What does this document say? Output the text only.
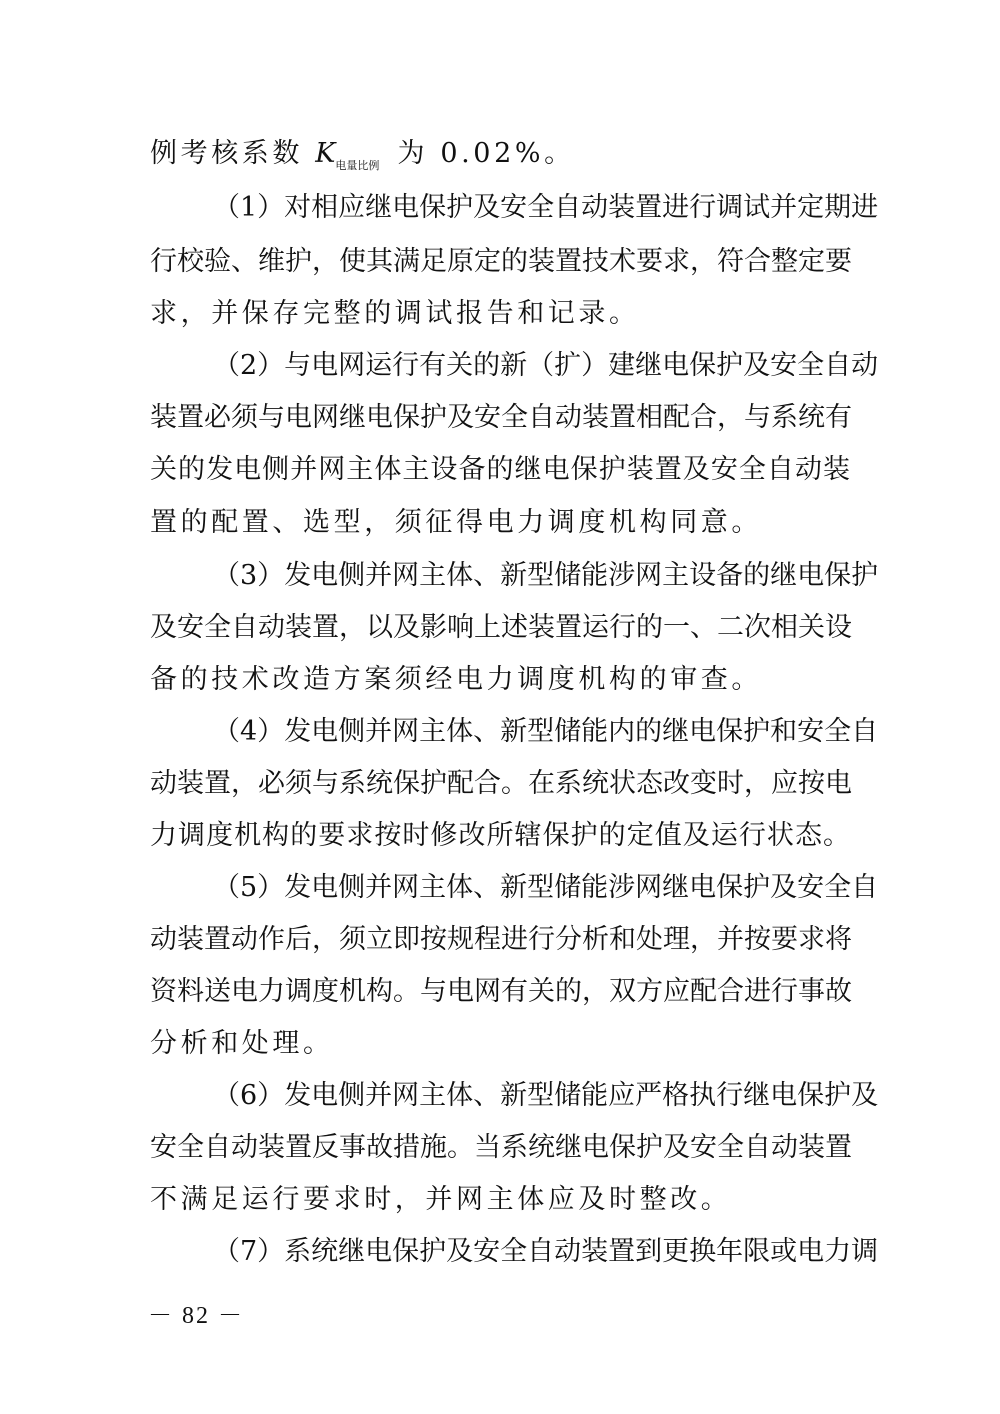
例考核系数 $K_{电量比例}$ 为 0.02%。
（1）对相应继电保护及安全自动装置进行调试并定期进
行校验、维护，使其满足原定的装置技术要求，符合整定要
求，并保存完整的调试报告和记录。
（2）与电网运行有关的新（扩）建继电保护及安全自动
装置必须与电网继电保护及安全自动装置相配合，与系统有
关的发电侧并网主体主设备的继电保护装置及安全自动装
置的配置、选型，须征得电力调度机构同意。
（3）发电侧并网主体、新型储能涉网主设备的继电保护
及安全自动装置，以及影响上述装置运行的一、二次相关设
备的技术改造方案须经电力调度机构的审查。
（4）发电侧并网主体、新型储能内的继电保护和安全自
动装置，必须与系统保护配合。在系统状态改变时，应按电
力调度机构的要求按时修改所辖保护的定值及运行状态。
（5）发电侧并网主体、新型储能涉网继电保护及安全自
动装置动作后，须立即按规程进行分析和处理，并按要求将
资料送电力调度机构。与电网有关的，双方应配合进行事故
分析和处理。
（6）发电侧并网主体、新型储能应严格执行继电保护及
安全自动装置反事故措施。当系统继电保护及安全自动装置
不满足运行要求时，并网主体应及时整改。
（7）系统继电保护及安全自动装置到更换年限或电力调
－ 82 －
